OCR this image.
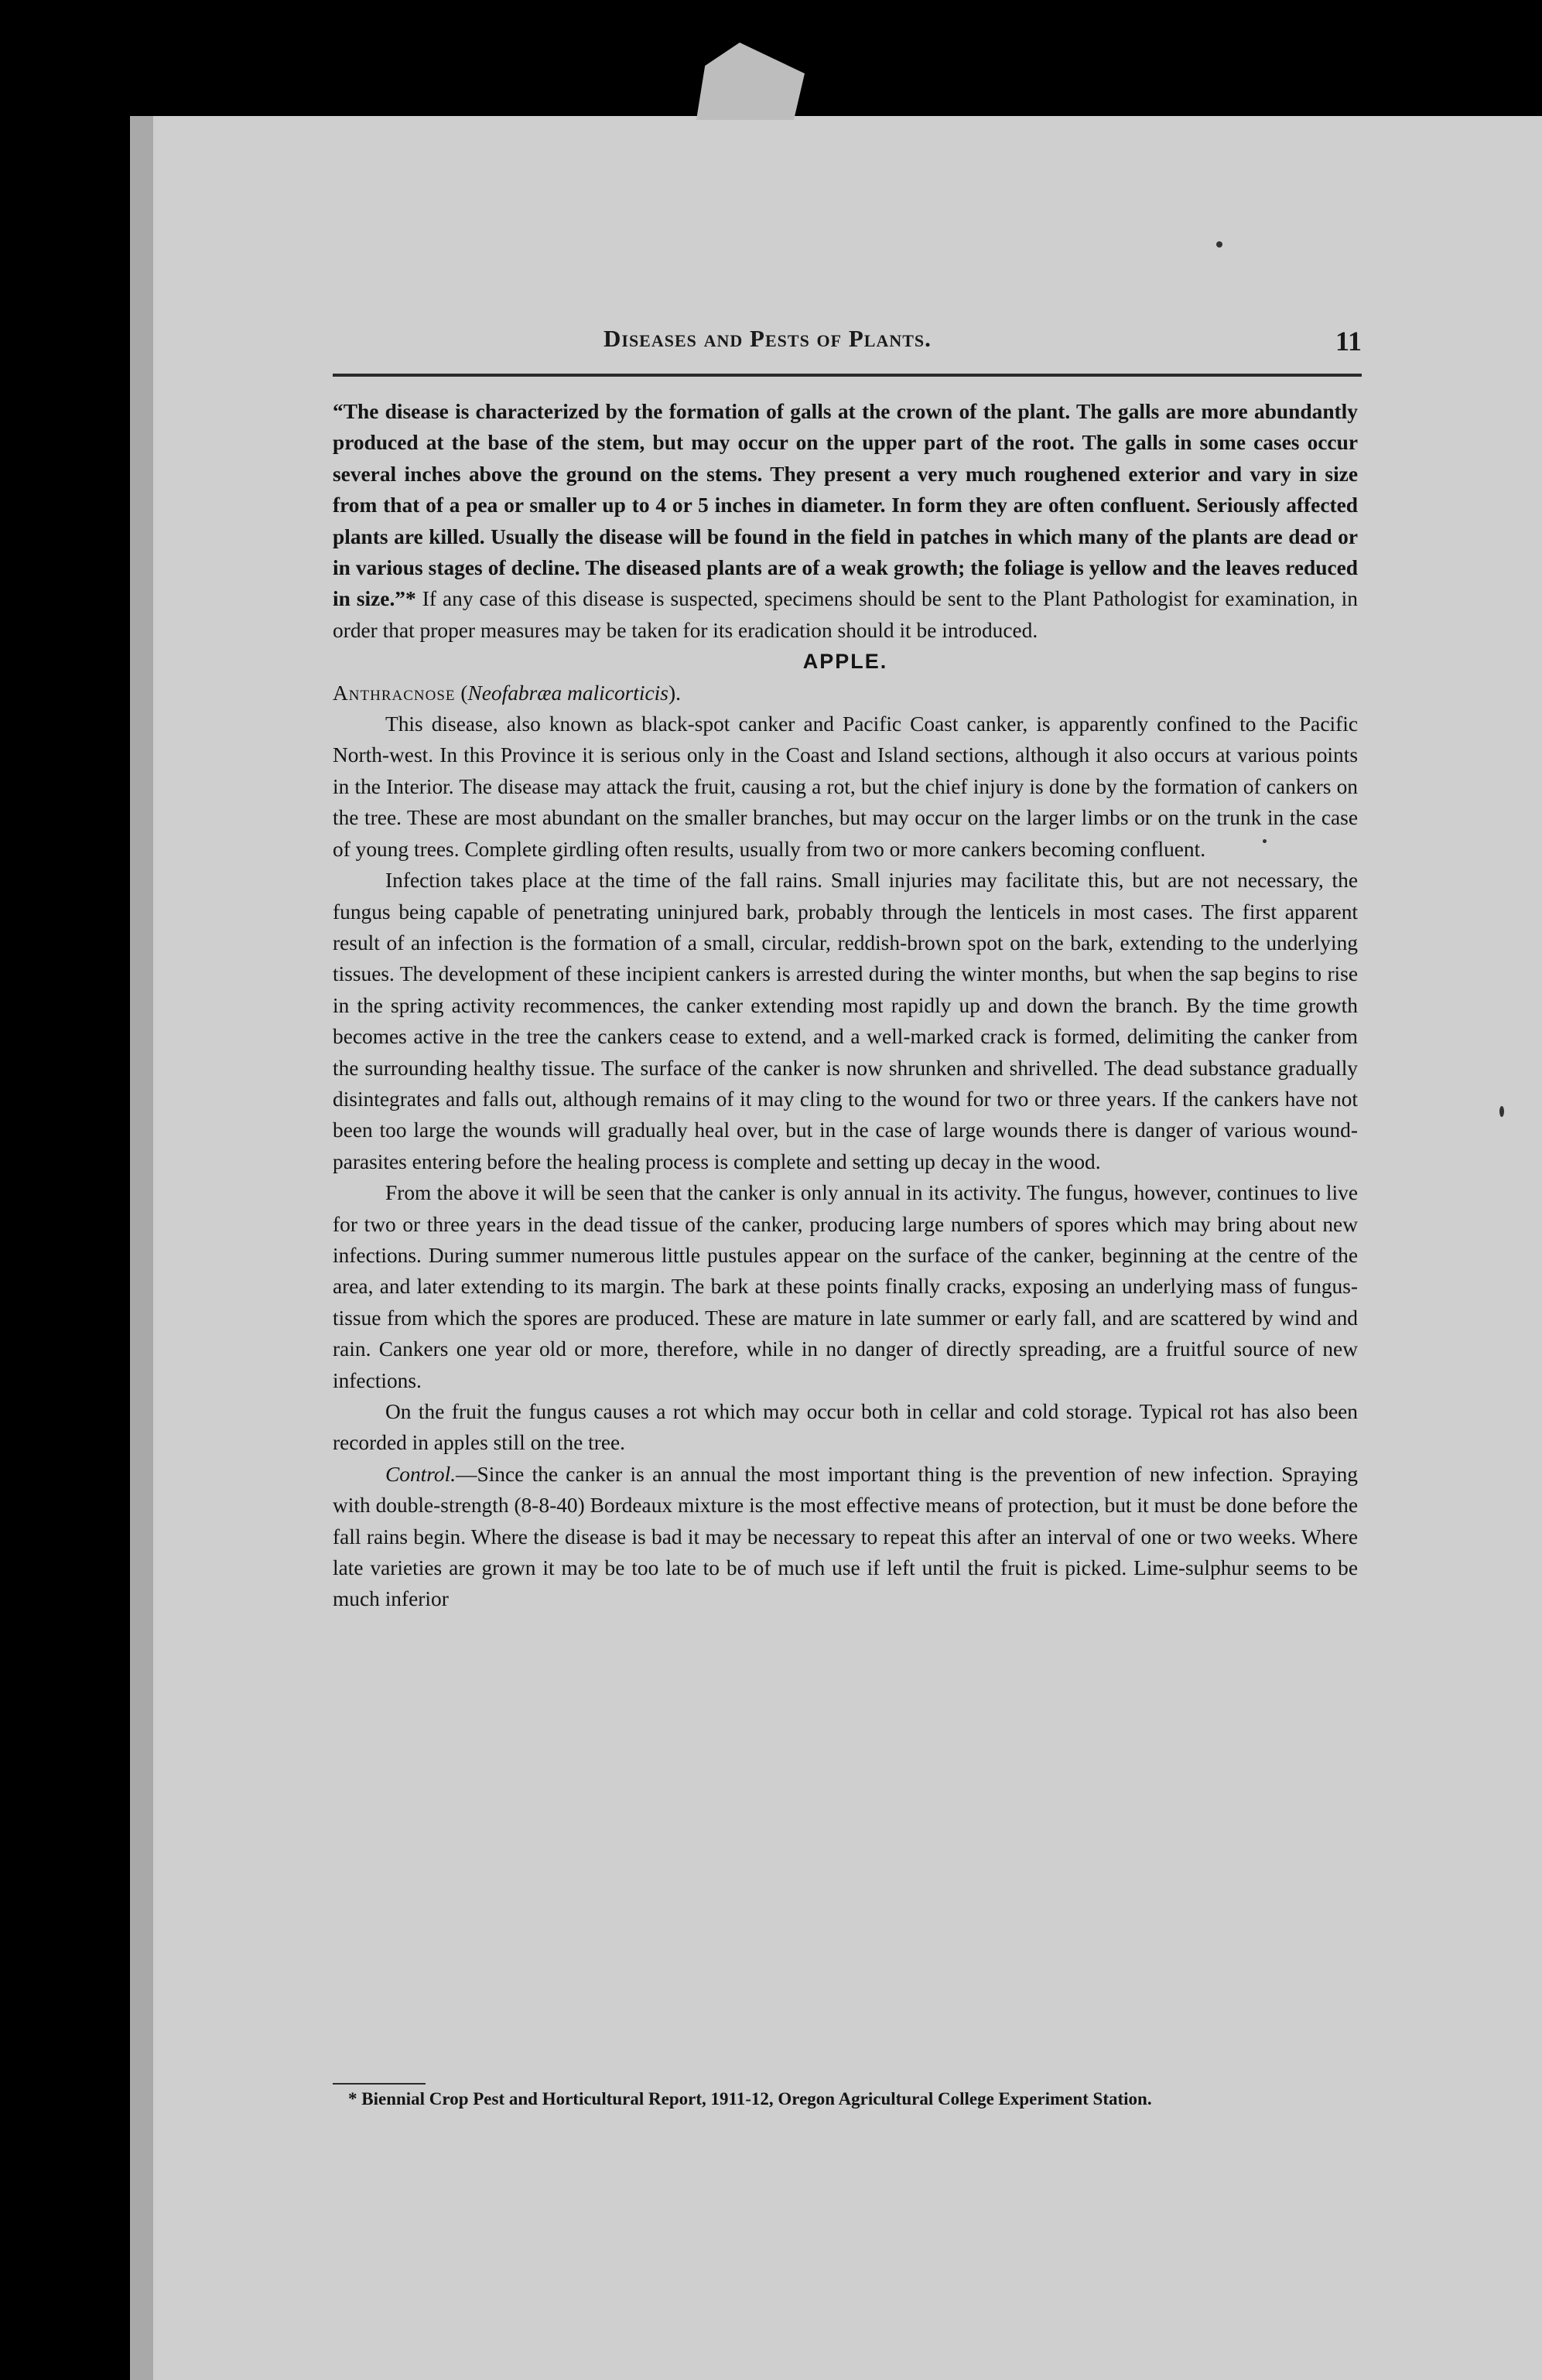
Diseases and Pests of Plants.	11

“The disease is characterized by the formation of galls at the crown of the plant. The galls are more abundantly produced at the base of the stem, but may occur on the upper part of the root. The galls in some cases occur several inches above the ground on the stems. They present a very much roughened exterior and vary in size from that of a pea or smaller up to 4 or 5 inches in diameter. In form they are often confluent. Seriously affected plants are killed. Usually the disease will be found in the field in patches in which many of the plants are dead or in various stages of decline. The diseased plants are of a weak growth; the foliage is yellow and the leaves reduced in size.”* If any case of this disease is suspected, specimens should be sent to the Plant Pathologist for examination, in order that proper measures may be taken for its eradication should it be introduced.

APPLE.

Anthracnose (Neofabræa malicorticis).

This disease, also known as black-spot canker and Pacific Coast canker, is apparently confined to the Pacific North-west. In this Province it is serious only in the Coast and Island sections, although it also occurs at various points in the Interior. The disease may attack the fruit, causing a rot, but the chief injury is done by the formation of cankers on the tree. These are most abundant on the smaller branches, but may occur on the larger limbs or on the trunk in the case of young trees. Complete girdling often results, usually from two or more cankers becoming confluent.

Infection takes place at the time of the fall rains. Small injuries may facilitate this, but are not necessary, the fungus being capable of penetrating uninjured bark, probably through the lenticels in most cases. The first apparent result of an infection is the formation of a small, circular, reddish-brown spot on the bark, extending to the underlying tissues. The development of these incipient cankers is arrested during the winter months, but when the sap begins to rise in the spring activity recommences, the canker extending most rapidly up and down the branch. By the time growth becomes active in the tree the cankers cease to extend, and a well-marked crack is formed, delimiting the canker from the surrounding healthy tissue. The surface of the canker is now shrunken and shrivelled. The dead substance gradually disintegrates and falls out, although remains of it may cling to the wound for two or three years. If the cankers have not been too large the wounds will gradually heal over, but in the case of large wounds there is danger of various wound-parasites entering before the healing process is complete and setting up decay in the wood.

From the above it will be seen that the canker is only annual in its activity. The fungus, however, continues to live for two or three years in the dead tissue of the canker, producing large numbers of spores which may bring about new infections. During summer numerous little pustules appear on the surface of the canker, beginning at the centre of the area, and later extending to its margin. The bark at these points finally cracks, exposing an underlying mass of fungus-tissue from which the spores are produced. These are mature in late summer or early fall, and are scattered by wind and rain. Cankers one year old or more, therefore, while in no danger of directly spreading, are a fruitful source of new infections.

On the fruit the fungus causes a rot which may occur both in cellar and cold storage. Typical rot has also been recorded in apples still on the tree.

Control.—Since the canker is an annual the most important thing is the prevention of new infection. Spraying with double-strength (8-8-40) Bordeaux mixture is the most effective means of protection, but it must be done before the fall rains begin. Where the disease is bad it may be necessary to repeat this after an interval of one or two weeks. Where late varieties are grown it may be too late to be of much use if left until the fruit is picked. Lime-sulphur seems to be much inferior

* Biennial Crop Pest and Horticultural Report, 1911-12, Oregon Agricultural College Experiment Station.
